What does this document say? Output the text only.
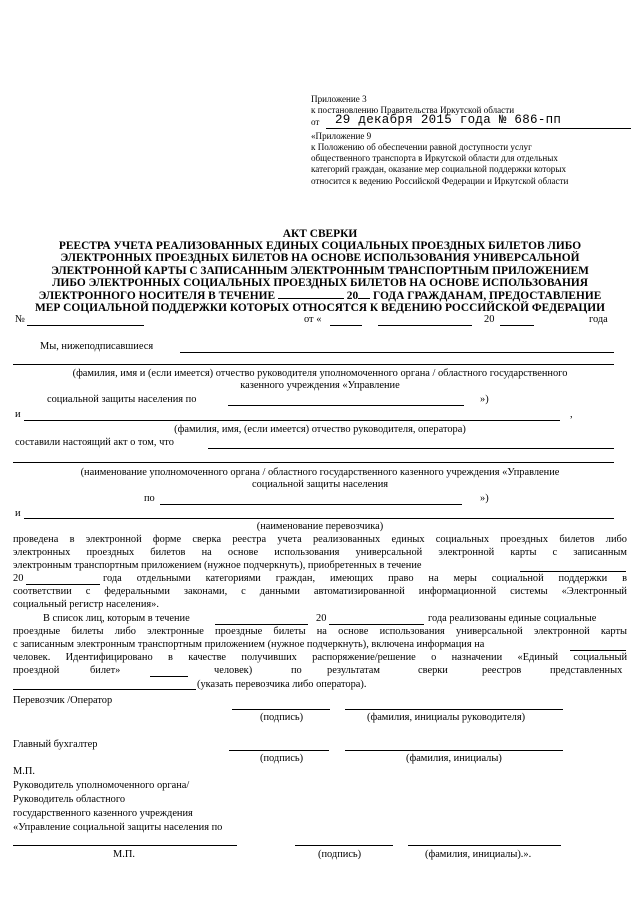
Приложение 3
к постановлению Правительства Иркутской области
от 29 декабря 2015 года № 686-пп
«Приложение 9
к Положению об обеспечении равной доступности услуг
общественного транспорта в Иркутской области для отдельных
категорий граждан, оказание мер социальной поддержки которых
относится к ведению Российской Федерации и Иркутской области
АКТ СВЕРКИ
РЕЕСТРА УЧЕТА РЕАЛИЗОВАННЫХ ЕДИНЫХ СОЦИАЛЬНЫХ ПРОЕЗДНЫХ БИЛЕТОВ ЛИБО
ЭЛЕКТРОННЫХ ПРОЕЗДНЫХ БИЛЕТОВ НА ОСНОВЕ ИСПОЛЬЗОВАНИЯ УНИВЕРСАЛЬНОЙ
ЭЛЕКТРОННОЙ КАРТЫ С ЗАПИСАННЫМ ЭЛЕКТРОННЫМ ТРАНСПОРТНЫМ ПРИЛОЖЕНИЕМ
ЛИБО ЭЛЕКТРОННЫХ СОЦИАЛЬНЫХ ПРОЕЗДНЫХ БИЛЕТОВ НА ОСНОВЕ ИСПОЛЬЗОВАНИЯ
ЭЛЕКТРОННОГО НОСИТЕЛЯ В ТЕЧЕНИЕ	20 ГОДА ГРАЖДАНАМ, ПРЕДОСТАВЛЕНИЕ
МЕР СОЦИАЛЬНОЙ ПОДДЕРЖКИ КОТОРЫХ ОТНОСЯТСЯ К ВЕДЕНИЮ РОССИЙСКОЙ ФЕДЕРАЦИИ
№	от «	20	года
Мы, нижеподписавшиеся
(фамилия, имя и (если имеется) отчество руководителя уполномоченного органа / областного государственного
казенного учреждения «Управление
социальной защиты населения по	»)
и	,
(фамилия, имя, (если имеется) отчество руководителя, оператора)
составили настоящий акт о том, что
(наименование уполномоченного органа / областного государственного казенного учреждения «Управление
социальной защиты населения
по	»)
и
(наименование перевозчика)
проведена в электронной форме сверка реестра учета реализованных единых социальных проездных билетов либо
электронных проездных билетов на основе использования универсальной электронной карты с записанным
электронным транспортным приложением (нужное подчеркнуть), приобретенных в течение
20	года отдельными категориями граждан, имеющих право на меры социальной поддержки в
соответствии с федеральными законами, с данными автоматизированной информационной системы «Электронный
социальный регистр населения».
В список лиц, которым в течение	20	года реализованы единые социальные
проездные билеты либо электронные проездные билеты на основе использования универсальной электронной карты
с записанным электронным транспортным приложением (нужное подчеркнуть), включена информация на
человек. Идентифицировано в качестве получивших распоряжение/решение о назначении «Единый социальный
проездной	билет»	человек)	по результатам	сверки	реестров	представленных
(указать перевозчика либо оператора).
Перевозчик /Оператор
(подпись)	(фамилия, инициалы руководителя)
Главный бухгалтер
(подпись)	(фамилия, инициалы)
М.П.
Руководитель уполномоченного органа/
Руководитель областного
государственного казенного учреждения
«Управление социальной защиты населения по
М.П.	(подпись)	(фамилия, инициалы).».
